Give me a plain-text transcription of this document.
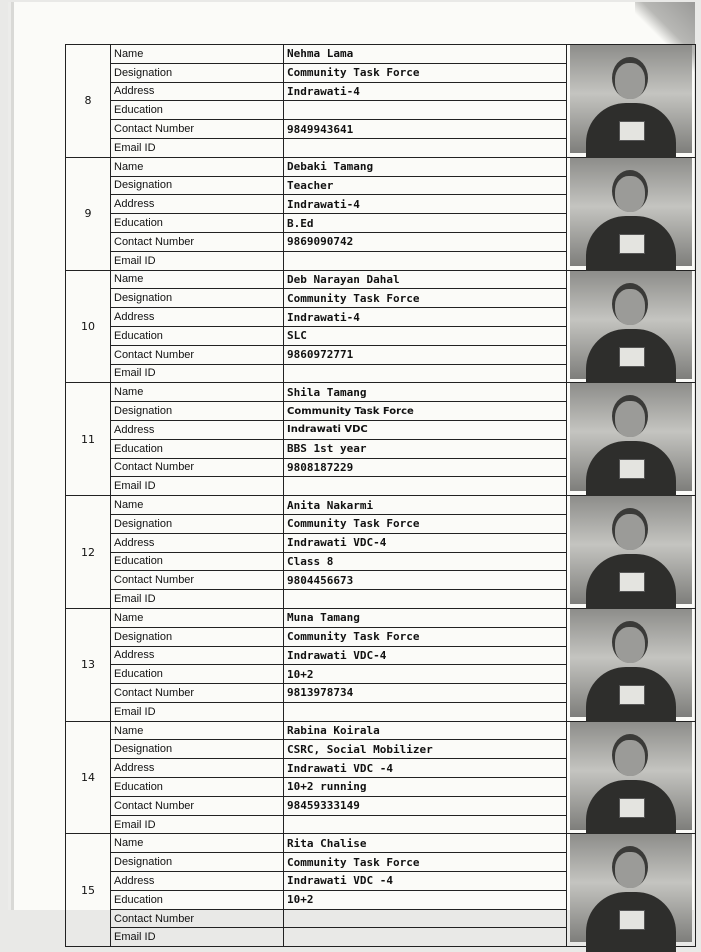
8	Name	Nehma Lama	

	Designation	Community Task Force	
	Address	Indrawati-4	
	Education		
	Contact Number	9849943641	
	Email ID		
9	Name	Debaki Tamang	

	Designation	Teacher	
	Address	Indrawati-4	
	Education	B.Ed	
	Contact Number	9869090742	
	Email ID		
10	Name	Deb Narayan Dahal	

	Designation	Community Task Force	
	Address	Indrawati-4	
	Education	SLC	
	Contact Number	9860972771	
	Email ID		
11	Name	Shila Tamang	

	Designation	Community Task Force	
	Address	Indrawati VDC	
	Education	BBS 1st year	
	Contact Number	9808187229	
	Email ID		
12	Name	Anita Nakarmi	

	Designation	Community Task Force	
	Address	Indrawati VDC-4	
	Education	Class 8	
	Contact Number	9804456673	
	Email ID		
13	Name	Muna Tamang	

	Designation	Community Task Force	
	Address	Indrawati VDC-4	
	Education	10+2	
	Contact Number	9813978734	
	Email ID		
14	Name	Rabina Koirala	

	Designation	CSRC, Social Mobilizer	
	Address	Indrawati VDC -4	
	Education	10+2 running	
	Contact Number	98459333149	
	Email ID		
15	Name	Rita Chalise	

	Designation	Community Task Force	
	Address	Indrawati VDC -4	
	Education	10+2	
	Contact Number		
	Email ID		
